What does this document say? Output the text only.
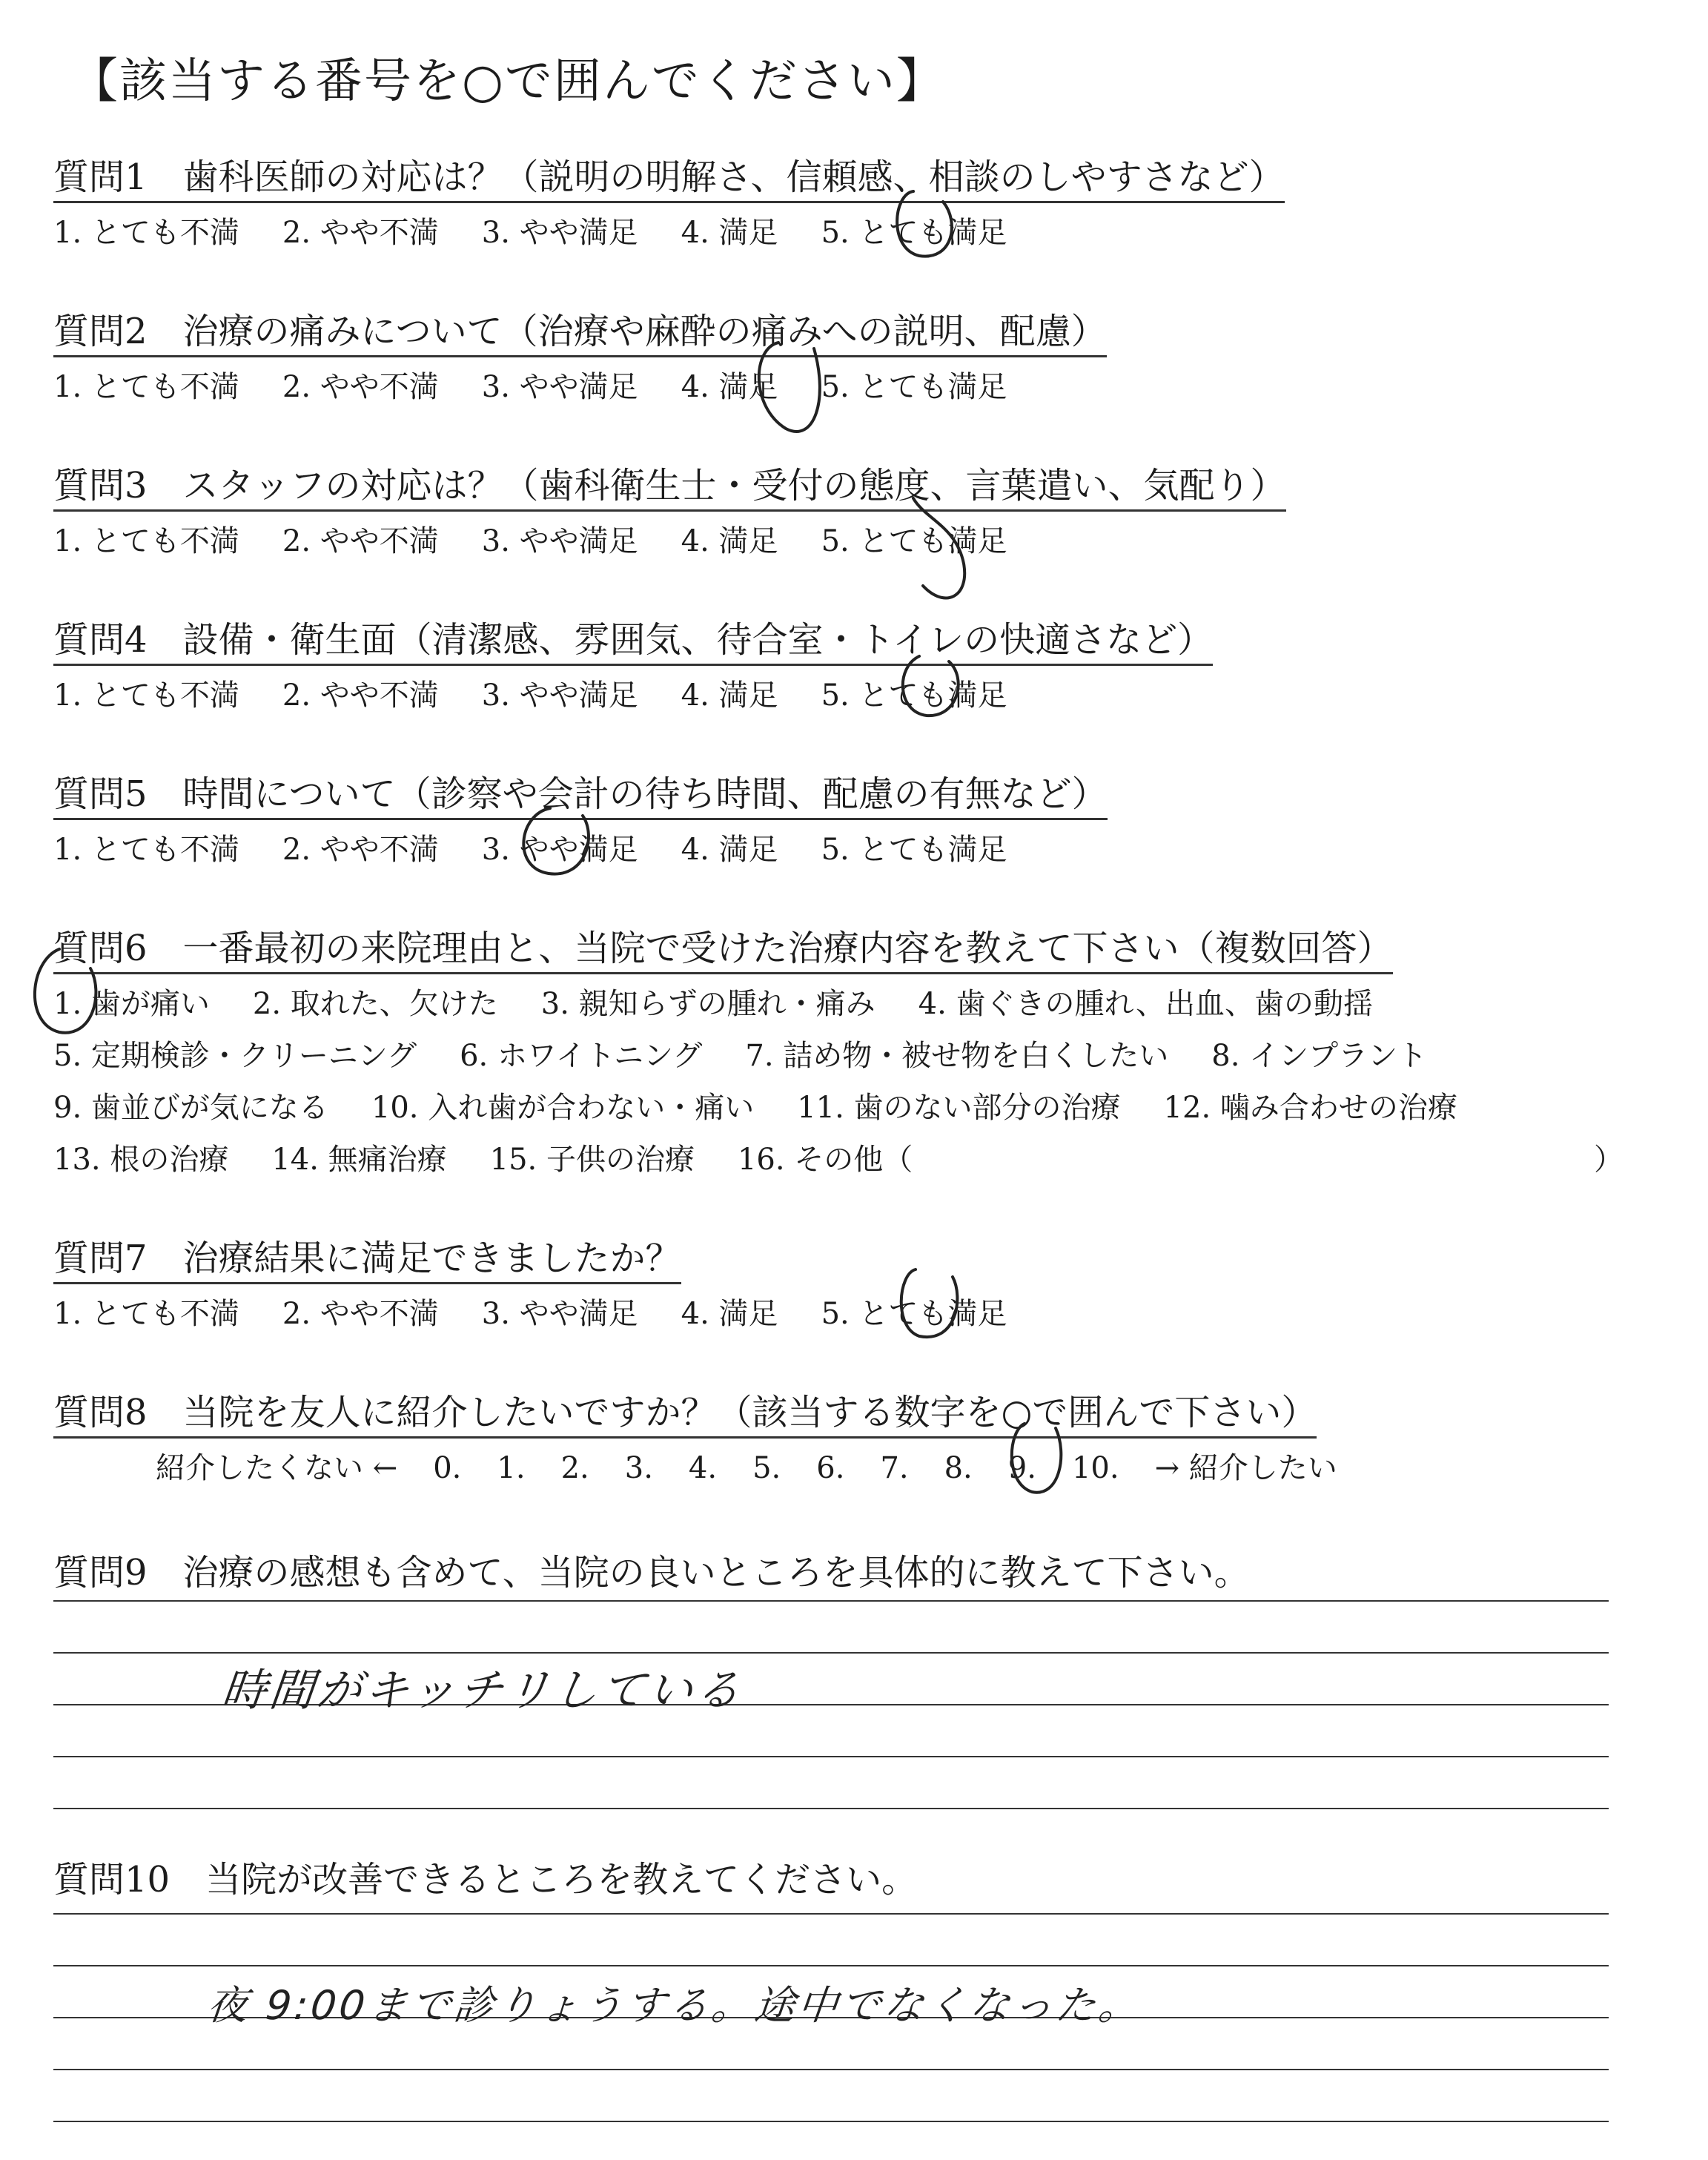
【該当する番号を○で囲んでください】
質問1　歯科医師の対応は？（説明の明解さ、信頼感、相談のしやすさなど）
1. とても不満 2. やや不満 3. やや満足 4. 満足 5. とても満足
質問2　治療の痛みについて（治療や麻酔の痛みへの説明、配慮）
1. とても不満 2. やや不満 3. やや満足 4. 満足 5. とても満足
質問3　スタッフの対応は？（歯科衛生士・受付の態度、言葉遣い、気配り）
1. とても不満 2. やや不満 3. やや満足 4. 満足 5. とても満足
質問4　設備・衛生面（清潔感、雰囲気、待合室・トイレの快適さなど）
1. とても不満 2. やや不満 3. やや満足 4. 満足 5. とても満足
質問5　時間について（診察や会計の待ち時間、配慮の有無など）
1. とても不満 2. やや不満 3. やや満足 4. 満足 5. とても満足
質問6　一番最初の来院理由と、当院で受けた治療内容を教えて下さい（複数回答）
1. 歯が痛い 2. 取れた、欠けた 3. 親知らずの腫れ・痛み 4. 歯ぐきの腫れ、出血、歯の動揺
5. 定期検診・クリーニング 6. ホワイトニング 7. 詰め物・被せ物を白くしたい 8. インプラント
9. 歯並びが気になる 10. 入れ歯が合わない・痛い 11. 歯のない部分の治療 12. 噛み合わせの治療
13. 根の治療 14. 無痛治療 15. 子供の治療 16. その他（	）
質問7　治療結果に満足できましたか？
1. とても不満 2. やや不満 3. やや満足 4. 満足 5. とても満足
質問8　当院を友人に紹介したいですか？（該当する数字を○で囲んで下さい）
紹介したくない ← 0. 1. 2. 3. 4. 5. 6. 7. 8. 9. 10. → 紹介したい
質問9　治療の感想も含めて、当院の良いところを具体的に教えて下さい。
時間がキッチリしている
質問10　当院が改善できるところを教えてください。
夜 9:00まで診りょうする。途中でなくなった。
